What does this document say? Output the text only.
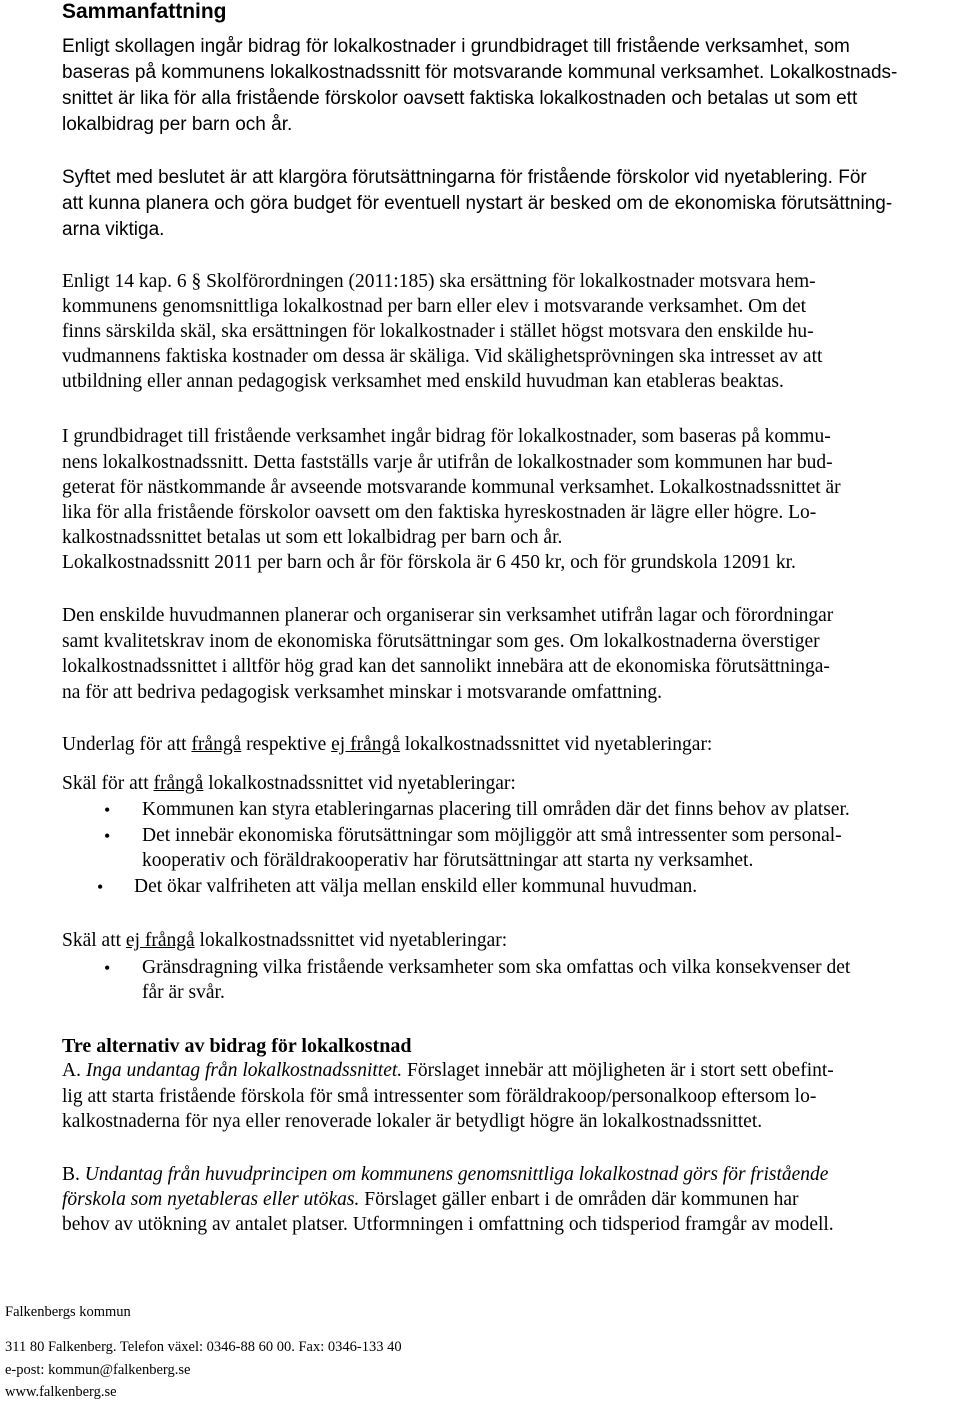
Sammanfattning
Enligt skollagen ingår bidrag för lokalkostnader i grundbidraget till fristående verksamhet, som
baseras på kommunens lokalkostnadssnitt för motsvarande kommunal verksamhet. Lokalkostnads-
snittet är lika för alla fristående förskolor oavsett faktiska lokalkostnaden och betalas ut som ett
lokalbidrag per barn och år.
Syftet med beslutet är att klargöra förutsättningarna för fristående förskolor vid nyetablering. För
att kunna planera och göra budget för eventuell nystart är besked om de ekonomiska förutsättning-
arna viktiga.
Enligt 14 kap. 6 § Skolförordningen (2011:185) ska ersättning för lokalkostnader motsvara hem-
kommunens genomsnittliga lokalkostnad per barn eller elev i motsvarande verksamhet. Om det
finns särskilda skäl, ska ersättningen för lokalkostnader i stället högst motsvara den enskilde hu-
vudmannens faktiska kostnader om dessa är skäliga. Vid skälighetsprövningen ska intresset av att
utbildning eller annan pedagogisk verksamhet med enskild huvudman kan etableras beaktas.
I grundbidraget till fristående verksamhet ingår bidrag för lokalkostnader, som baseras på kommu-
nens lokalkostnadssnitt. Detta fastställs varje år utifrån de lokalkostnader som kommunen har bud-
geterat för nästkommande år avseende motsvarande kommunal verksamhet. Lokalkostnadssnittet är
lika för alla fristående förskolor oavsett om den faktiska hyreskostnaden är lägre eller högre. Lo-
kalkostnadssnittet betalas ut som ett lokalbidrag per barn och år.
Lokalkostnadssnitt 2011 per barn och år för förskola är 6 450 kr, och för grundskola 12091 kr.
Den enskilde huvudmannen planerar och organiserar sin verksamhet utifrån lagar och förordningar
samt kvalitetskrav inom de ekonomiska förutsättningar som ges. Om lokalkostnaderna överstiger
lokalkostnadssnittet i alltför hög grad kan det sannolikt innebära att de ekonomiska förutsättninga-
na för att bedriva pedagogisk verksamhet minskar i motsvarande omfattning.
Underlag för att frångå respektive ej frångå lokalkostnadssnittet vid nyetableringar:
Skäl för att frångå lokalkostnadssnittet vid nyetableringar:
• Kommunen kan styra etableringarnas placering till områden där det finns behov av platser.
• Det innebär ekonomiska förutsättningar som möjliggör att små intressenter som personal-
kooperativ och föräldrakooperativ har förutsättningar att starta ny verksamhet.
• Det ökar valfriheten att välja mellan enskild eller kommunal huvudman.
Skäl att ej frångå lokalkostnadssnittet vid nyetableringar:
• Gränsdragning vilka fristående verksamheter som ska omfattas och vilka konsekvenser det
får är svår.
Tre alternativ av bidrag för lokalkostnad
A. Inga undantag från lokalkostnadssnittet. Förslaget innebär att möjligheten är i stort sett obefint-
lig att starta fristående förskola för små intressenter som föräldrakoop/personalkoop eftersom lo-
kalkostnaderna för nya eller renoverade lokaler är betydligt högre än lokalkostnadssnittet.
B. Undantag från huvudprincipen om kommunens genomsnittliga lokalkostnad görs för fristående
förskola som nyetableras eller utökas. Förslaget gäller enbart i de områden där kommunen har
behov av utökning av antalet platser. Utformningen i omfattning och tidsperiod framgår av modell.
Falkenbergs kommun
311 80 Falkenberg. Telefon växel: 0346-88 60 00. Fax: 0346-133 40
e-post: kommun@falkenberg.se
www.falkenberg.se
